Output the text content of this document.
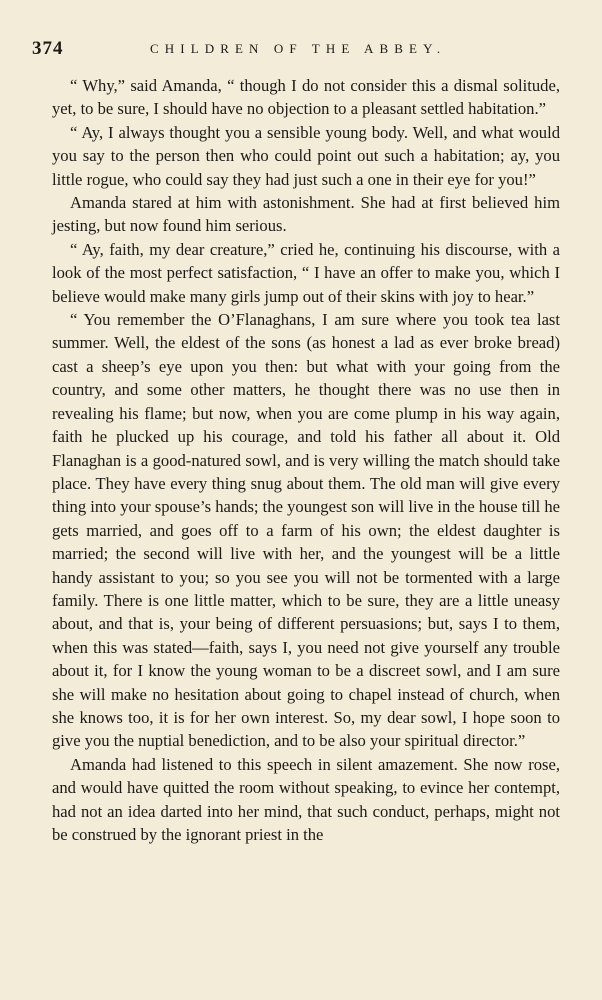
374	CHILDREN OF THE ABBEY.

“ Why,” said Amanda, “ though I do not consider this a dismal solitude, yet, to be sure, I should have no objection to a pleasant settled habitation.”

“ Ay, I always thought you a sensible young body. Well, and what would you say to the person then who could point out such a habitation; ay, you little rogue, who could say they had just such a one in their eye for you!”

Amanda stared at him with astonishment. She had at first believed him jesting, but now found him serious.

“ Ay, faith, my dear creature,” cried he, continuing his discourse, with a look of the most perfect satisfaction, “ I have an offer to make you, which I believe would make many girls jump out of their skins with joy to hear.”

“ You remember the O’Flanaghans, I am sure where you took tea last summer. Well, the eldest of the sons (as honest a lad as ever broke bread) cast a sheep’s eye upon you then: but what with your going from the country, and some other matters, he thought there was no use then in revealing his flame; but now, when you are come plump in his way again, faith he plucked up his courage, and told his father all about it. Old Flanaghan is a good-natured sowl, and is very willing the match should take place. They have every thing snug about them. The old man will give every thing into your spouse’s hands; the youngest son will live in the house till he gets married, and goes off to a farm of his own; the eldest daughter is married; the second will live with her, and the youngest will be a little handy assistant to you; so you see you will not be tormented with a large family. There is one little matter, which to be sure, they are a little uneasy about, and that is, your being of different persuasions; but, says I to them, when this was stated—faith, says I, you need not give yourself any trouble about it, for I know the young woman to be a discreet sowl, and I am sure she will make no hesitation about going to chapel instead of church, when she knows too, it is for her own interest. So, my dear sowl, I hope soon to give you the nuptial benediction, and to be also your spiritual director.”

Amanda had listened to this speech in silent amazement. She now rose, and would have quitted the room without speaking, to evince her contempt, had not an idea darted into her mind, that such conduct, perhaps, might not be construed by the ignorant priest in the
